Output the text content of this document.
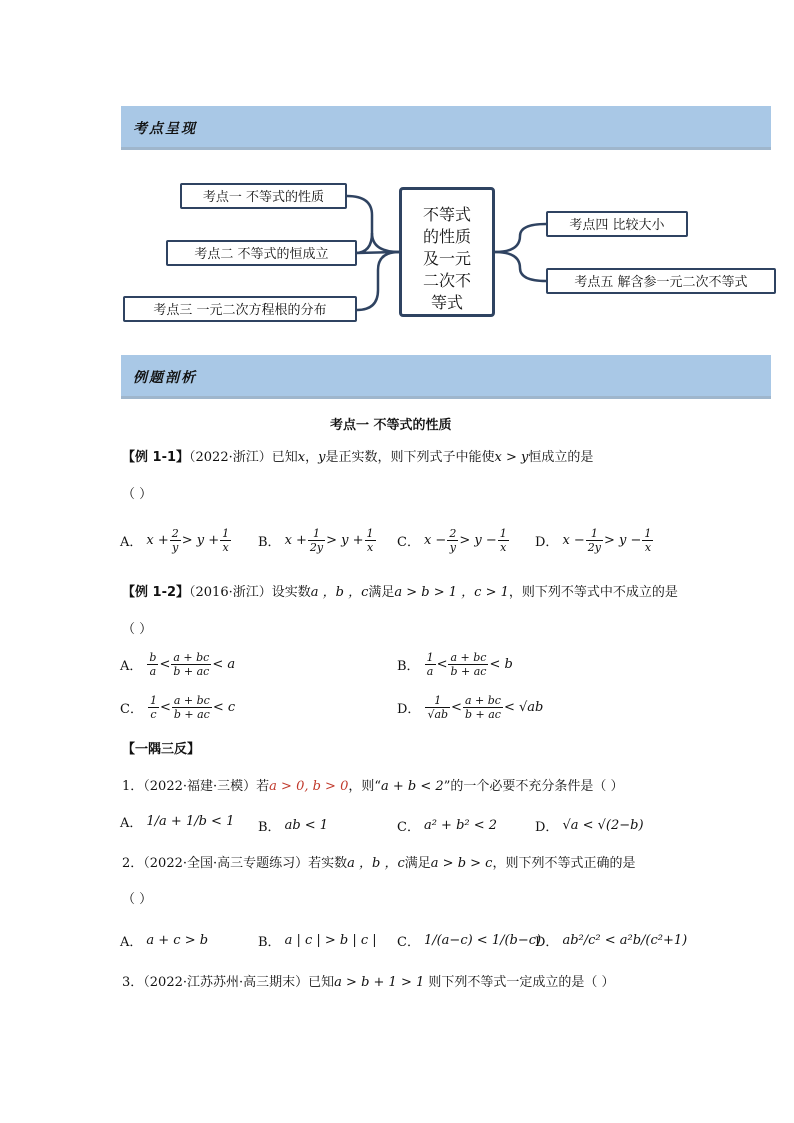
考点呈现
考点一 不等式的性质
考点二 不等式的恒成立
考点三 一元二次方程根的分布
不等式
的性质
及一元
二次不
等式
考点四 比较大小
考点五 解含参一元二次不等式
例题剖析
考点一 不等式的性质
【例 1-1】（2022·浙江）已知x，y是正实数，则下列式子中能使x > y恒成立的是
（ ）
A． $x + \frac{2}{y} > y + \frac{1}{x}$ B． $x + \frac{1}{2y} > y + \frac{1}{x}$ C． $x - \frac{2}{y} > y - \frac{1}{x}$ D． $x - \frac{1}{2y} > y - \frac{1}{x}$
【例 1-2】（2016·浙江）设实数a ，b ，c满足a > b > 1 ，c > 1，则下列不等式中不成立的是
（ ）
A． $\frac{b}{a} < \frac{a + bc}{b + ac} < a$	B． $\frac{1}{a} < \frac{a + bc}{b + ac} < b$
C． $\frac{1}{c} < \frac{a + bc}{b + ac} < c$	D． $\frac{1}{√ab} < \frac{a + bc}{b + ac} < √ab$
【一隅三反】
1．（2022·福建·三模）若a > 0, b > 0，则“a + b < 2”的一个必要不充分条件是（ ）
A． 1/a + 1/b < 1 B． ab < 1	C． a² + b² < 2	D． √a < √(2−b)
2．（2022·全国·高三专题练习）若实数a ，b ，c满足a > b > c，则下列不等式正确的是
（ ）
A． a + c > b	B． a | c | > b | c | C． 1/(a−c) < 1/(b−c)
D． ab²/c² < a²b/(c²+1)
3．（2022·江苏苏州·高三期末）已知a > b + 1 > 1 则下列不等式一定成立的是（ ）
